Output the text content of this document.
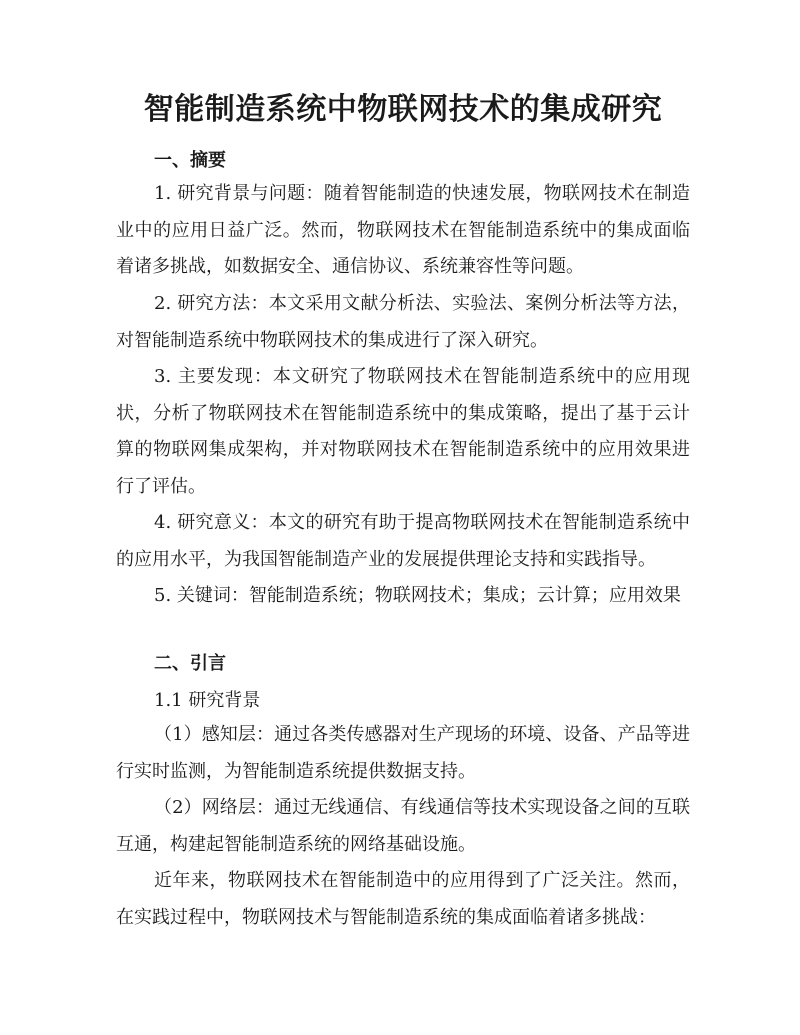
智能制造系统中物联网技术的集成研究
一、摘要

1. 研究背景与问题：随着智能制造的快速发展，物联网技术在制造业中的应用日益广泛。然而，物联网技术在智能制造系统中的集成面临着诸多挑战，如数据安全、通信协议、系统兼容性等问题。

2. 研究方法：本文采用文献分析法、实验法、案例分析法等方法，对智能制造系统中物联网技术的集成进行了深入研究。

3. 主要发现：本文研究了物联网技术在智能制造系统中的应用现状，分析了物联网技术在智能制造系统中的集成策略，提出了基于云计算的物联网集成架构，并对物联网技术在智能制造系统中的应用效果进行了评估。

4. 研究意义：本文的研究有助于提高物联网技术在智能制造系统中的应用水平，为我国智能制造产业的发展提供理论支持和实践指导。

5. 关键词：智能制造系统；物联网技术；集成；云计算；应用效果

二、引言

1.1 研究背景

（1）感知层：通过各类传感器对生产现场的环境、设备、产品等进行实时监测，为智能制造系统提供数据支持。

（2）网络层：通过无线通信、有线通信等技术实现设备之间的互联互通，构建起智能制造系统的网络基础设施。

近年来，物联网技术在智能制造中的应用得到了广泛关注。然而，在实践过程中，物联网技术与智能制造系统的集成面临着诸多挑战：
